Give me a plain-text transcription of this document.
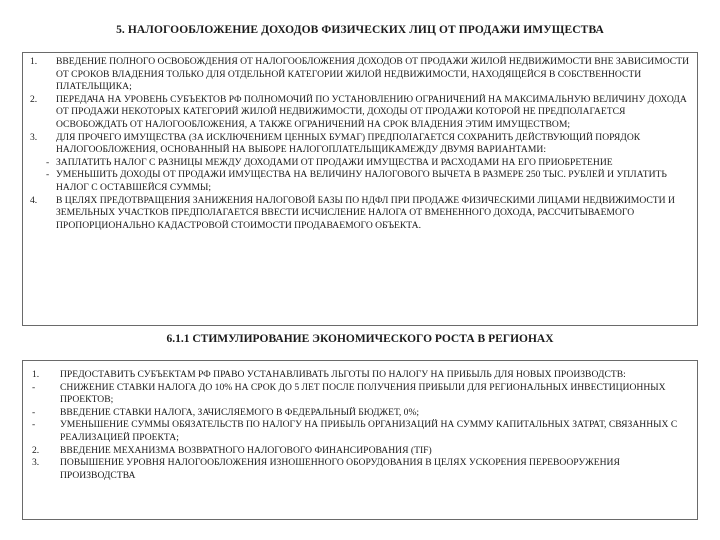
5. НАЛОГООБЛОЖЕНИЕ ДОХОДОВ ФИЗИЧЕСКИХ ЛИЦ ОТ ПРОДАЖИ ИМУЩЕСТВА
1.	ВВЕДЕНИЕ ПОЛНОГО ОСВОБОЖДЕНИЯ ОТ НАЛОГООБЛОЖЕНИЯ ДОХОДОВ ОТ ПРОДАЖИ ЖИЛОЙ НЕДВИЖИМОСТИ ВНЕ ЗАВИСИМОСТИ ОТ СРОКОВ ВЛАДЕНИЯ ТОЛЬКО ДЛЯ ОТДЕЛЬНОЙ КАТЕГОРИИ ЖИЛОЙ НЕДВИЖИМОСТИ, НАХОДЯЩЕЙСЯ В СОБСТВЕННОСТИ ПЛАТЕЛЬЩИКА;
2.	ПЕРЕДАЧА НА УРОВЕНЬ СУБЪЕКТОВ РФ ПОЛНОМОЧИЙ ПО УСТАНОВЛЕНИЮ ОГРАНИЧЕНИЙ НА МАКСИМАЛЬНУЮ ВЕЛИЧИНУ ДОХОДА ОТ ПРОДАЖИ НЕКОТОРЫХ КАТЕГОРИЙ ЖИЛОЙ НЕДВИЖИМОСТИ, ДОХОДЫ ОТ ПРОДАЖИ КОТОРОЙ НЕ ПРЕДПОЛАГАЕТСЯ ОСВОБОЖДАТЬ ОТ НАЛОГООБЛОЖЕНИЯ, А ТАКЖЕ ОГРАНИЧЕНИЙ НА СРОК ВЛАДЕНИЯ ЭТИМ ИМУЩЕСТВОМ;
3.	ДЛЯ ПРОЧЕГО ИМУЩЕСТВА (ЗА ИСКЛЮЧЕНИЕМ ЦЕННЫХ БУМАГ) ПРЕДПОЛАГАЕТСЯ СОХРАНИТЬ ДЕЙСТВУЮЩИЙ ПОРЯДОК НАЛОГООБЛОЖЕНИЯ, ОСНОВАННЫЙ НА ВЫБОРЕ НАЛОГОПЛАТЕЛЬЩИКАМЕЖДУ ДВУМЯ ВАРИАНТАМИ:
- ЗАПЛАТИТЬ НАЛОГ С РАЗНИЦЫ МЕЖДУ ДОХОДАМИ ОТ ПРОДАЖИ ИМУЩЕСТВА И РАСХОДАМИ НА ЕГО ПРИОБРЕТЕНИЕ
- УМЕНЬШИТЬ ДОХОДЫ ОТ ПРОДАЖИ ИМУЩЕСТВА НА ВЕЛИЧИНУ НАЛОГОВОГО ВЫЧЕТА В РАЗМЕРЕ 250 ТЫС. РУБЛЕЙ И УПЛАТИТЬ НАЛОГ С ОСТАВШЕЙСЯ СУММЫ;
4.	В ЦЕЛЯХ ПРЕДОТВРАЩЕНИЯ ЗАНИЖЕНИЯ НАЛОГОВОЙ БАЗЫ ПО НДФЛ ПРИ ПРОДАЖЕ ФИЗИЧЕСКИМИ ЛИЦАМИ НЕДВИЖИМОСТИ И ЗЕМЕЛЬНЫХ УЧАСТКОВ ПРЕДПОЛАГАЕТСЯ ВВЕСТИ ИСЧИСЛЕНИЕ НАЛОГА ОТ ВМЕНЕННОГО ДОХОДА, РАССЧИТЫВАЕМОГО ПРОПОРЦИОНАЛЬНО КАДАСТРОВОЙ СТОИМОСТИ ПРОДАВАЕМОГО ОБЪЕКТА.
6.1.1 СТИМУЛИРОВАНИЕ ЭКОНОМИЧЕСКОГО РОСТА В РЕГИОНАХ
1.	ПРЕДОСТАВИТЬ СУБЪЕКТАМ РФ ПРАВО УСТАНАВЛИВАТЬ ЛЬГОТЫ ПО НАЛОГУ НА ПРИБЫЛЬ ДЛЯ НОВЫХ ПРОИЗВОДСТВ:
-	СНИЖЕНИЕ СТАВКИ НАЛОГА ДО 10% НА СРОК ДО 5 ЛЕТ ПОСЛЕ ПОЛУЧЕНИЯ ПРИБЫЛИ ДЛЯ РЕГИОНАЛЬНЫХ ИНВЕСТИЦИОННЫХ ПРОЕКТОВ;
-	ВВЕДЕНИЕ СТАВКИ НАЛОГА, ЗАЧИСЛЯЕМОГО В ФЕДЕРАЛЬНЫЙ БЮДЖЕТ, 0%;
-	УМЕНЬШЕНИЕ СУММЫ ОБЯЗАТЕЛЬСТВ ПО НАЛОГУ НА ПРИБЫЛЬ ОРГАНИЗАЦИЙ НА СУММУ КАПИТАЛЬНЫХ ЗАТРАТ, СВЯЗАННЫХ С РЕАЛИЗАЦИЕЙ ПРОЕКТА;
2.	ВВЕДЕНИЕ МЕХАНИЗМА ВОЗВРАТНОГО НАЛОГОВОГО ФИНАНСИРОВАНИЯ (TIF)
3.	ПОВЫШЕНИЕ УРОВНЯ НАЛОГООБЛОЖЕНИЯ ИЗНОШЕННОГО ОБОРУДОВАНИЯ В ЦЕЛЯХ УСКОРЕНИЯ ПЕРЕВООРУЖЕНИЯ ПРОИЗВОДСТВА
